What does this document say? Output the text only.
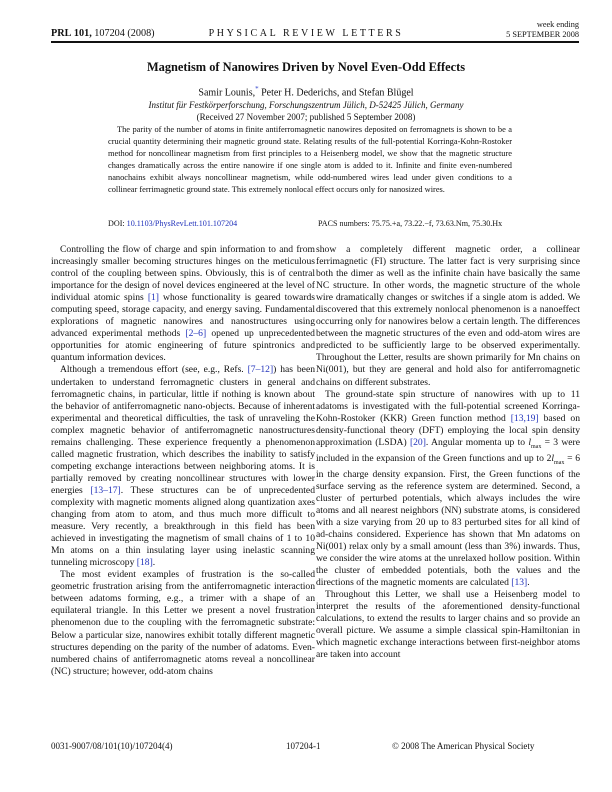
PRL 101, 107204 (2008)	PHYSICAL REVIEW LETTERS
week ending
5 SEPTEMBER 2008
Magnetism of Nanowires Driven by Novel Even-Odd Effects
Samir Lounis,* Peter H. Dederichs, and Stefan Blügel
Institut für Festkörperforschung, Forschungszentrum Jülich, D-52425 Jülich, Germany
(Received 27 November 2007; published 5 September 2008)
The parity of the number of atoms in finite antiferromagnetic nanowires deposited on ferromagnets is shown to be a crucial quantity determining their magnetic ground state. Relating results of the full-potential Korringa-Kohn-Rostoker method for noncollinear magnetism from first principles to a Heisenberg model, we show that the magnetic structure changes dramatically across the entire nanowire if one single atom is added to it. Infinite and finite even-numbered nanochains exhibit always noncollinear magnetism, while odd-numbered wires lead under given conditions to a collinear ferrimagnetic ground state. This extremely nonlocal effect occurs only for nanosized wires.
DOI: 10.1103/PhysRevLett.101.107204	PACS numbers: 75.75.+a, 73.22.−f, 73.63.Nm, 75.30.Hx

Controlling the flow of charge and spin information to and from increasingly smaller becoming structures hinges on the meticulous control of the coupling between spins. Obviously, this is of central importance for the design of novel devices engineered at the level of individual atomic spins [1] whose functionality is geared towards computing speed, storage capacity, and energy saving. Fundamental explorations of magnetic nanowires and nanostructures using advanced experimental methods [2–6] opened up unprecedented opportunities for atomic engineering of future spintronics and quantum information devices.

Although a tremendous effort (see, e.g., Refs. [7–12]) has been undertaken to understand ferromagnetic clusters in general and ferromagnetic chains, in particular, little if nothing is known about the behavior of antiferromagnetic nano-objects. Because of inherent experimental and theoretical difficulties, the task of unraveling the complex magnetic behavior of antiferromagnetic nanostructures remains challenging. These experience frequently a phenomenon called magnetic frustration, which describes the inability to satisfy competing exchange interactions between neighboring atoms. It is partially removed by creating noncollinear structures with lower energies [13–17]. These structures can be of unprecedented complexity with magnetic moments aligned along quantization axes changing from atom to atom, and thus much more difficult to measure. Very recently, a breakthrough in this field has been achieved in investigating the magnetism of small chains of 1 to 10 Mn atoms on a thin insulating layer using inelastic scanning tunneling microscopy [18].

The most evident examples of frustration is the so-called geometric frustration arising from the antiferromagnetic interaction between adatoms forming, e.g., a trimer with a shape of an equilateral triangle. In this Letter we present a novel frustration phenomenon due to the coupling with the ferromagnetic substrate: Below a particular size, nanowires exhibit totally different magnetic structures depending on the parity of the number of adatoms. Even-numbered chains of antiferromagnetic atoms reveal a noncollinear (NC) structure; however, odd-atom chains

show a completely different magnetic order, a collinear ferrimagnetic (FI) structure. The latter fact is very surprising since both the dimer as well as the infinite chain have basically the same NC structure. In other words, the magnetic structure of the whole wire dramatically changes or switches if a single atom is added. We discovered that this extremely nonlocal phenomenon is a nanoeffect occurring only for nanowires below a certain length. The differences between the magnetic structures of the even and odd-atom wires are predicted to be sufficiently large to be observed experimentally. Throughout the Letter, results are shown primarily for Mn chains on Ni(001), but they are general and hold also for antiferromagnetic chains on different substrates.

The ground-state spin structure of nanowires with up to 11 adatoms is investigated with the full-potential screened Korringa-Kohn-Rostoker (KKR) Green function method [13,19] based on density-functional theory (DFT) employing the local spin density approximation (LSDA) [20]. Angular momenta up to $l_{max} = 3$ were included in the expansion of the Green functions and up to $2l_{max} = 6$ in the charge density expansion. First, the Green functions of the surface serving as the reference system are determined. Second, a cluster of perturbed potentials, which always includes the wire atoms and all nearest neighbors (NN) substrate atoms, is considered with a size varying from 20 up to 83 perturbed sites for all kind of ad-chains considered. Experience has shown that Mn adatoms on Ni(001) relax only by a small amount (less than 3%) inwards. Thus, we consider the wire atoms at the unrelaxed hollow position. Within the cluster of embedded potentials, both the values and the directions of the magnetic moments are calculated [13].

Throughout this Letter, we shall use a Heisenberg model to interpret the results of the aforementioned density-functional calculations, to extend the results to larger chains and so provide an overall picture. We assume a simple classical spin-Hamiltonian in which magnetic exchange interactions between first-neighbor atoms are taken into account

0031-9007/08/101(10)/107204(4)	107204-1	© 2008 The American Physical Society
